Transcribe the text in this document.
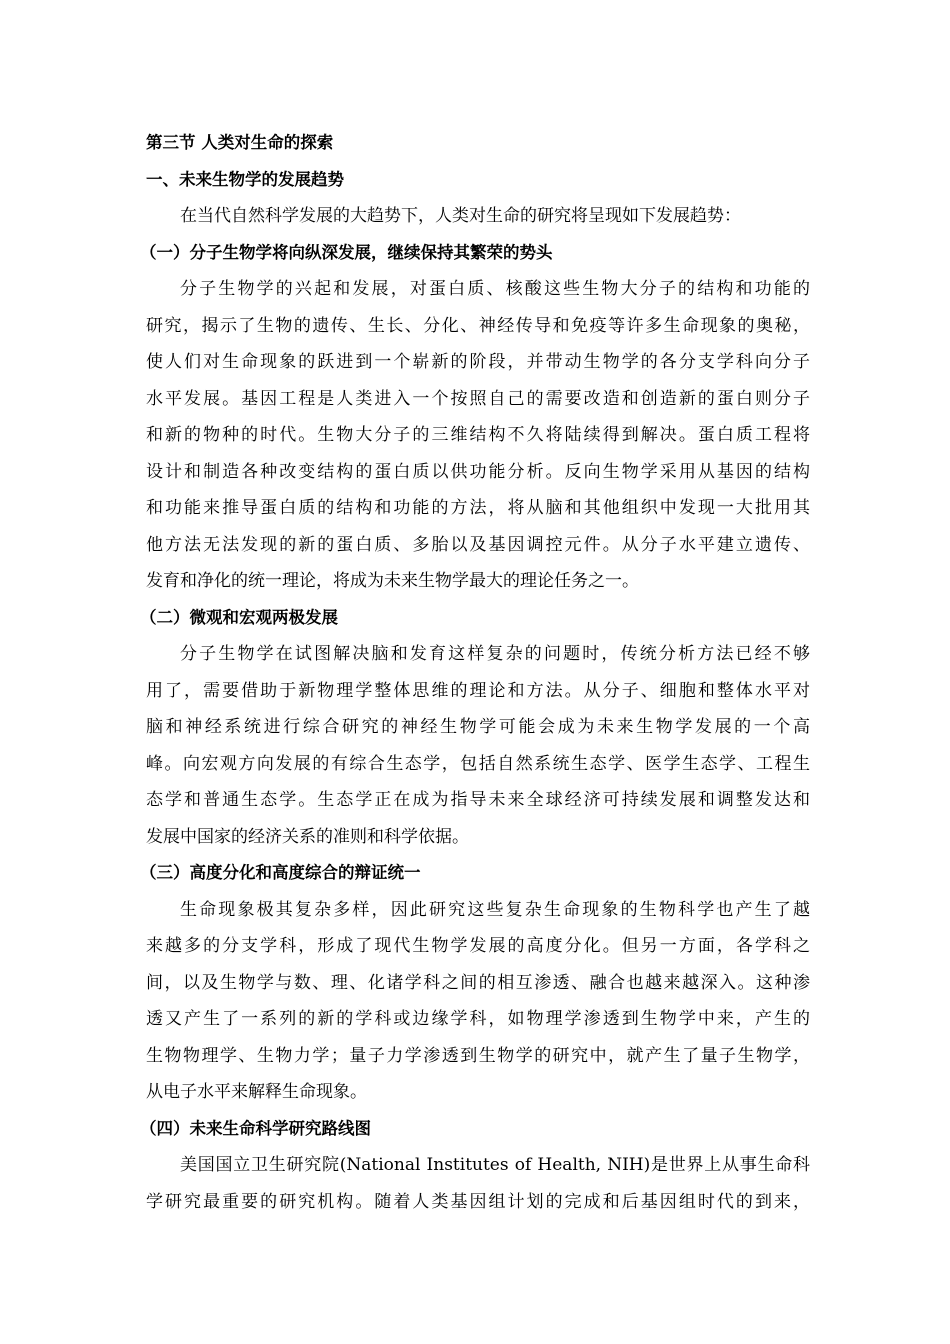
第三节 人类对生命的探索

一、未来生物学的发展趋势

在当代自然科学发展的大趋势下，人类对生命的研究将呈现如下发展趋势：

（一）分子生物学将向纵深发展，继续保持其繁荣的势头

分子生物学的兴起和发展，对蛋白质、核酸这些生物大分子的结构和功能的
研究，揭示了生物的遗传、生长、分化、神经传导和免疫等许多生命现象的奥秘，
使人们对生命现象的跃进到一个崭新的阶段，并带动生物学的各分支学科向分子
水平发展。基因工程是人类进入一个按照自己的需要改造和创造新的蛋白则分子
和新的物种的时代。生物大分子的三维结构不久将陆续得到解决。蛋白质工程将
设计和制造各种改变结构的蛋白质以供功能分析。反向生物学采用从基因的结构
和功能来推导蛋白质的结构和功能的方法，将从脑和其他组织中发现一大批用其
他方法无法发现的新的蛋白质、多胎以及基因调控元件。从分子水平建立遗传、
发育和净化的统一理论，将成为未来生物学最大的理论任务之一。

（二）微观和宏观两极发展

分子生物学在试图解决脑和发育这样复杂的问题时，传统分析方法已经不够
用了，需要借助于新物理学整体思维的理论和方法。从分子、细胞和整体水平对
脑和神经系统进行综合研究的神经生物学可能会成为未来生物学发展的一个高
峰。向宏观方向发展的有综合生态学，包括自然系统生态学、医学生态学、工程生
态学和普通生态学。生态学正在成为指导未来全球经济可持续发展和调整发达和
发展中国家的经济关系的准则和科学依据。

（三）高度分化和高度综合的辩证统一

生命现象极其复杂多样，因此研究这些复杂生命现象的生物科学也产生了越
来越多的分支学科，形成了现代生物学发展的高度分化。但另一方面，各学科之
间，以及生物学与数、理、化诸学科之间的相互渗透、融合也越来越深入。这种渗
透又产生了一系列的新的学科或边缘学科，如物理学渗透到生物学中来，产生的
生物物理学、生物力学；量子力学渗透到生物学的研究中，就产生了量子生物学，
从电子水平来解释生命现象。

（四）未来生命科学研究路线图

美国国立卫生研究院(National Institutes of Health, NIH)是世界上从事生命科
学研究最重要的研究机构。随着人类基因组计划的完成和后基因组时代的到来，
